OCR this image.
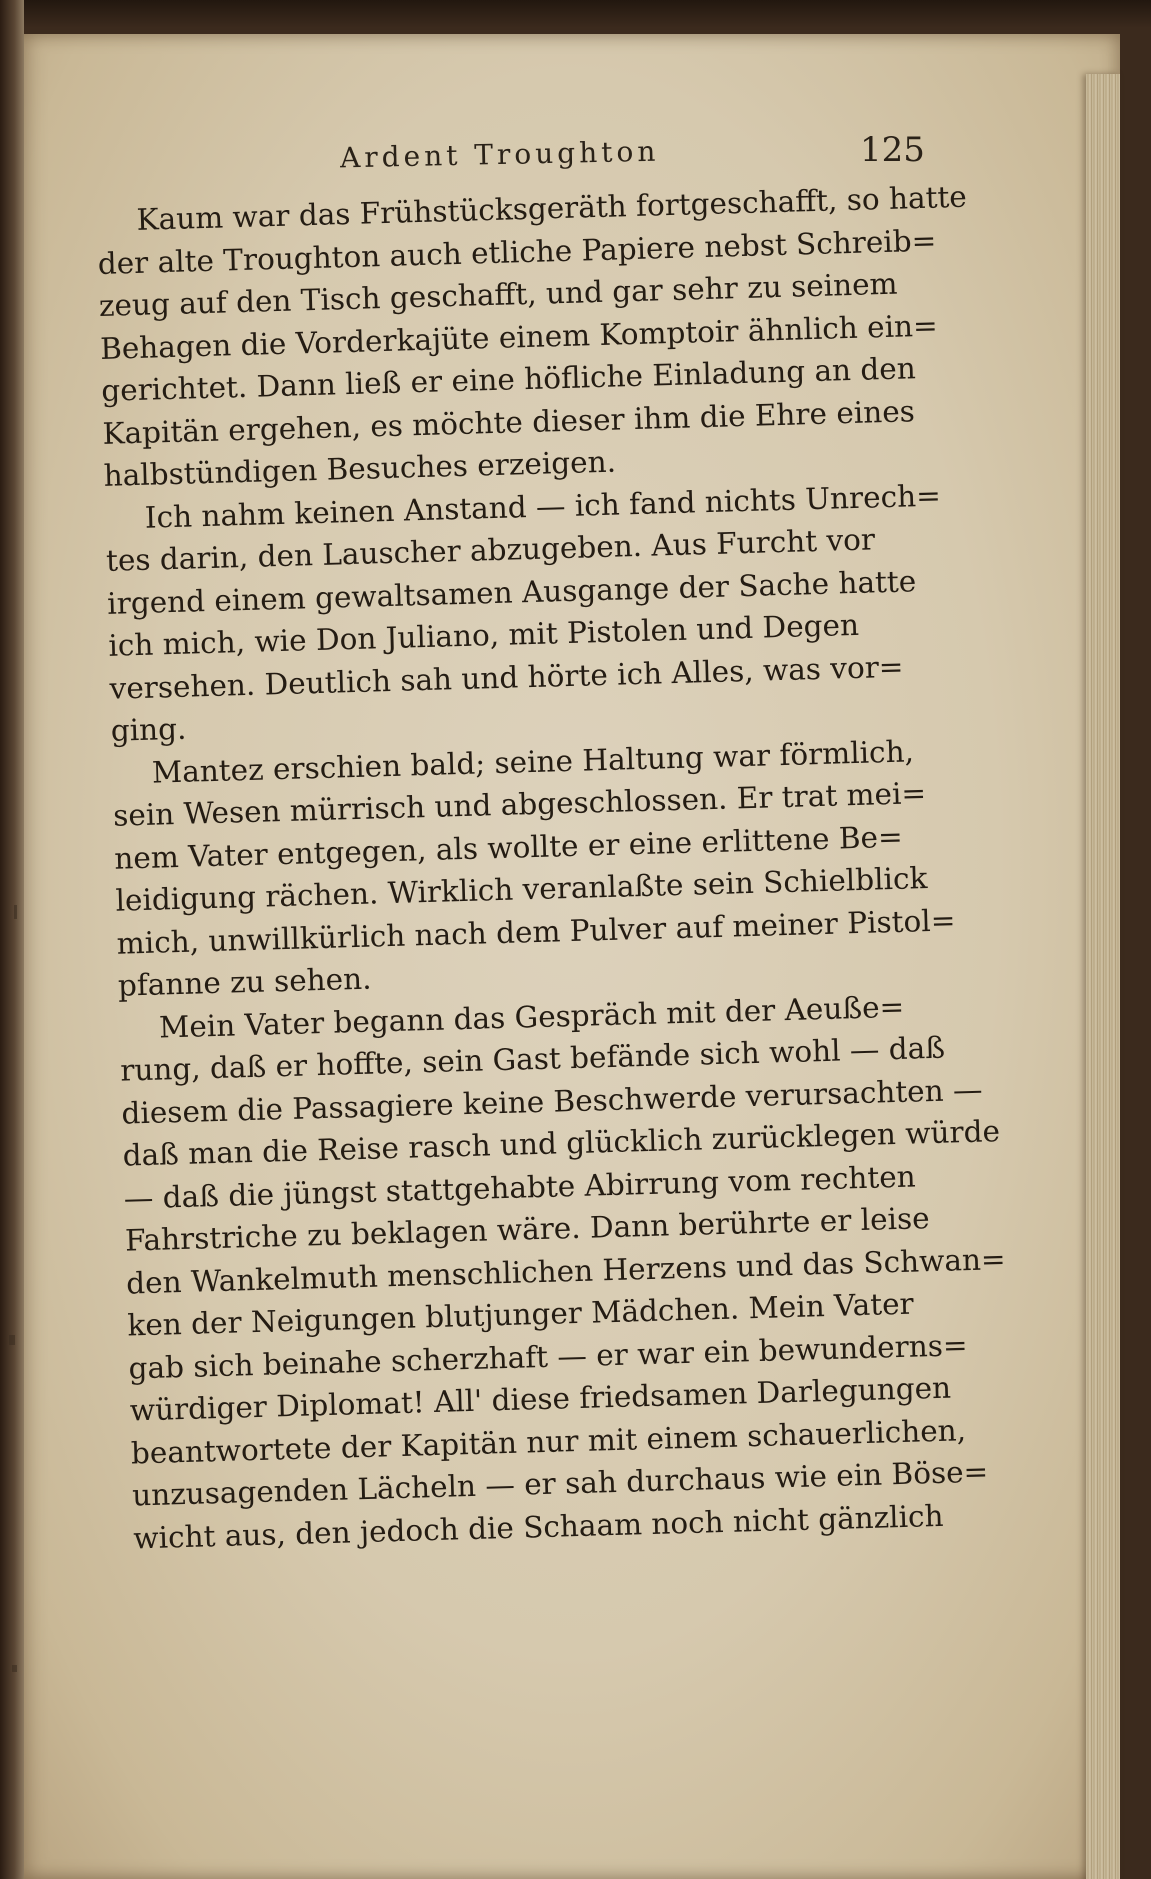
Ardent Troughton	125

Kaum war das Frühstücksgeräth fortgeschafft, so hatte
der alte Troughton auch etliche Papiere nebst Schreib=
zeug auf den Tisch geschafft, und gar sehr zu seinem
Behagen die Vorderkajüte einem Komptoir ähnlich ein=
gerichtet. Dann ließ er eine höfliche Einladung an den
Kapitän ergehen, es möchte dieser ihm die Ehre eines
halbstündigen Besuches erzeigen.

Ich nahm keinen Anstand — ich fand nichts Unrech=
tes darin, den Lauscher abzugeben. Aus Furcht vor
irgend einem gewaltsamen Ausgange der Sache hatte
ich mich, wie Don Juliano, mit Pistolen und Degen
versehen. Deutlich sah und hörte ich Alles, was vor=
ging.

Mantez erschien bald; seine Haltung war förmlich,
sein Wesen mürrisch und abgeschlossen. Er trat mei=
nem Vater entgegen, als wollte er eine erlittene Be=
leidigung rächen. Wirklich veranlaßte sein Schielblick
mich, unwillkürlich nach dem Pulver auf meiner Pistol=
pfanne zu sehen.

Mein Vater begann das Gespräch mit der Aeuße=
rung, daß er hoffte, sein Gast befände sich wohl — daß
diesem die Passagiere keine Beschwerde verursachten —
daß man die Reise rasch und glücklich zurücklegen würde
— daß die jüngst stattgehabte Abirrung vom rechten
Fahrstriche zu beklagen wäre. Dann berührte er leise
den Wankelmuth menschlichen Herzens und das Schwan=
ken der Neigungen blutjunger Mädchen. Mein Vater
gab sich beinahe scherzhaft — er war ein bewunderns=
würdiger Diplomat! All' diese friedsamen Darlegungen
beantwortete der Kapitän nur mit einem schauerlichen,
unzusagenden Lächeln — er sah durchaus wie ein Böse=
wicht aus, den jedoch die Schaam noch nicht gänzlich
